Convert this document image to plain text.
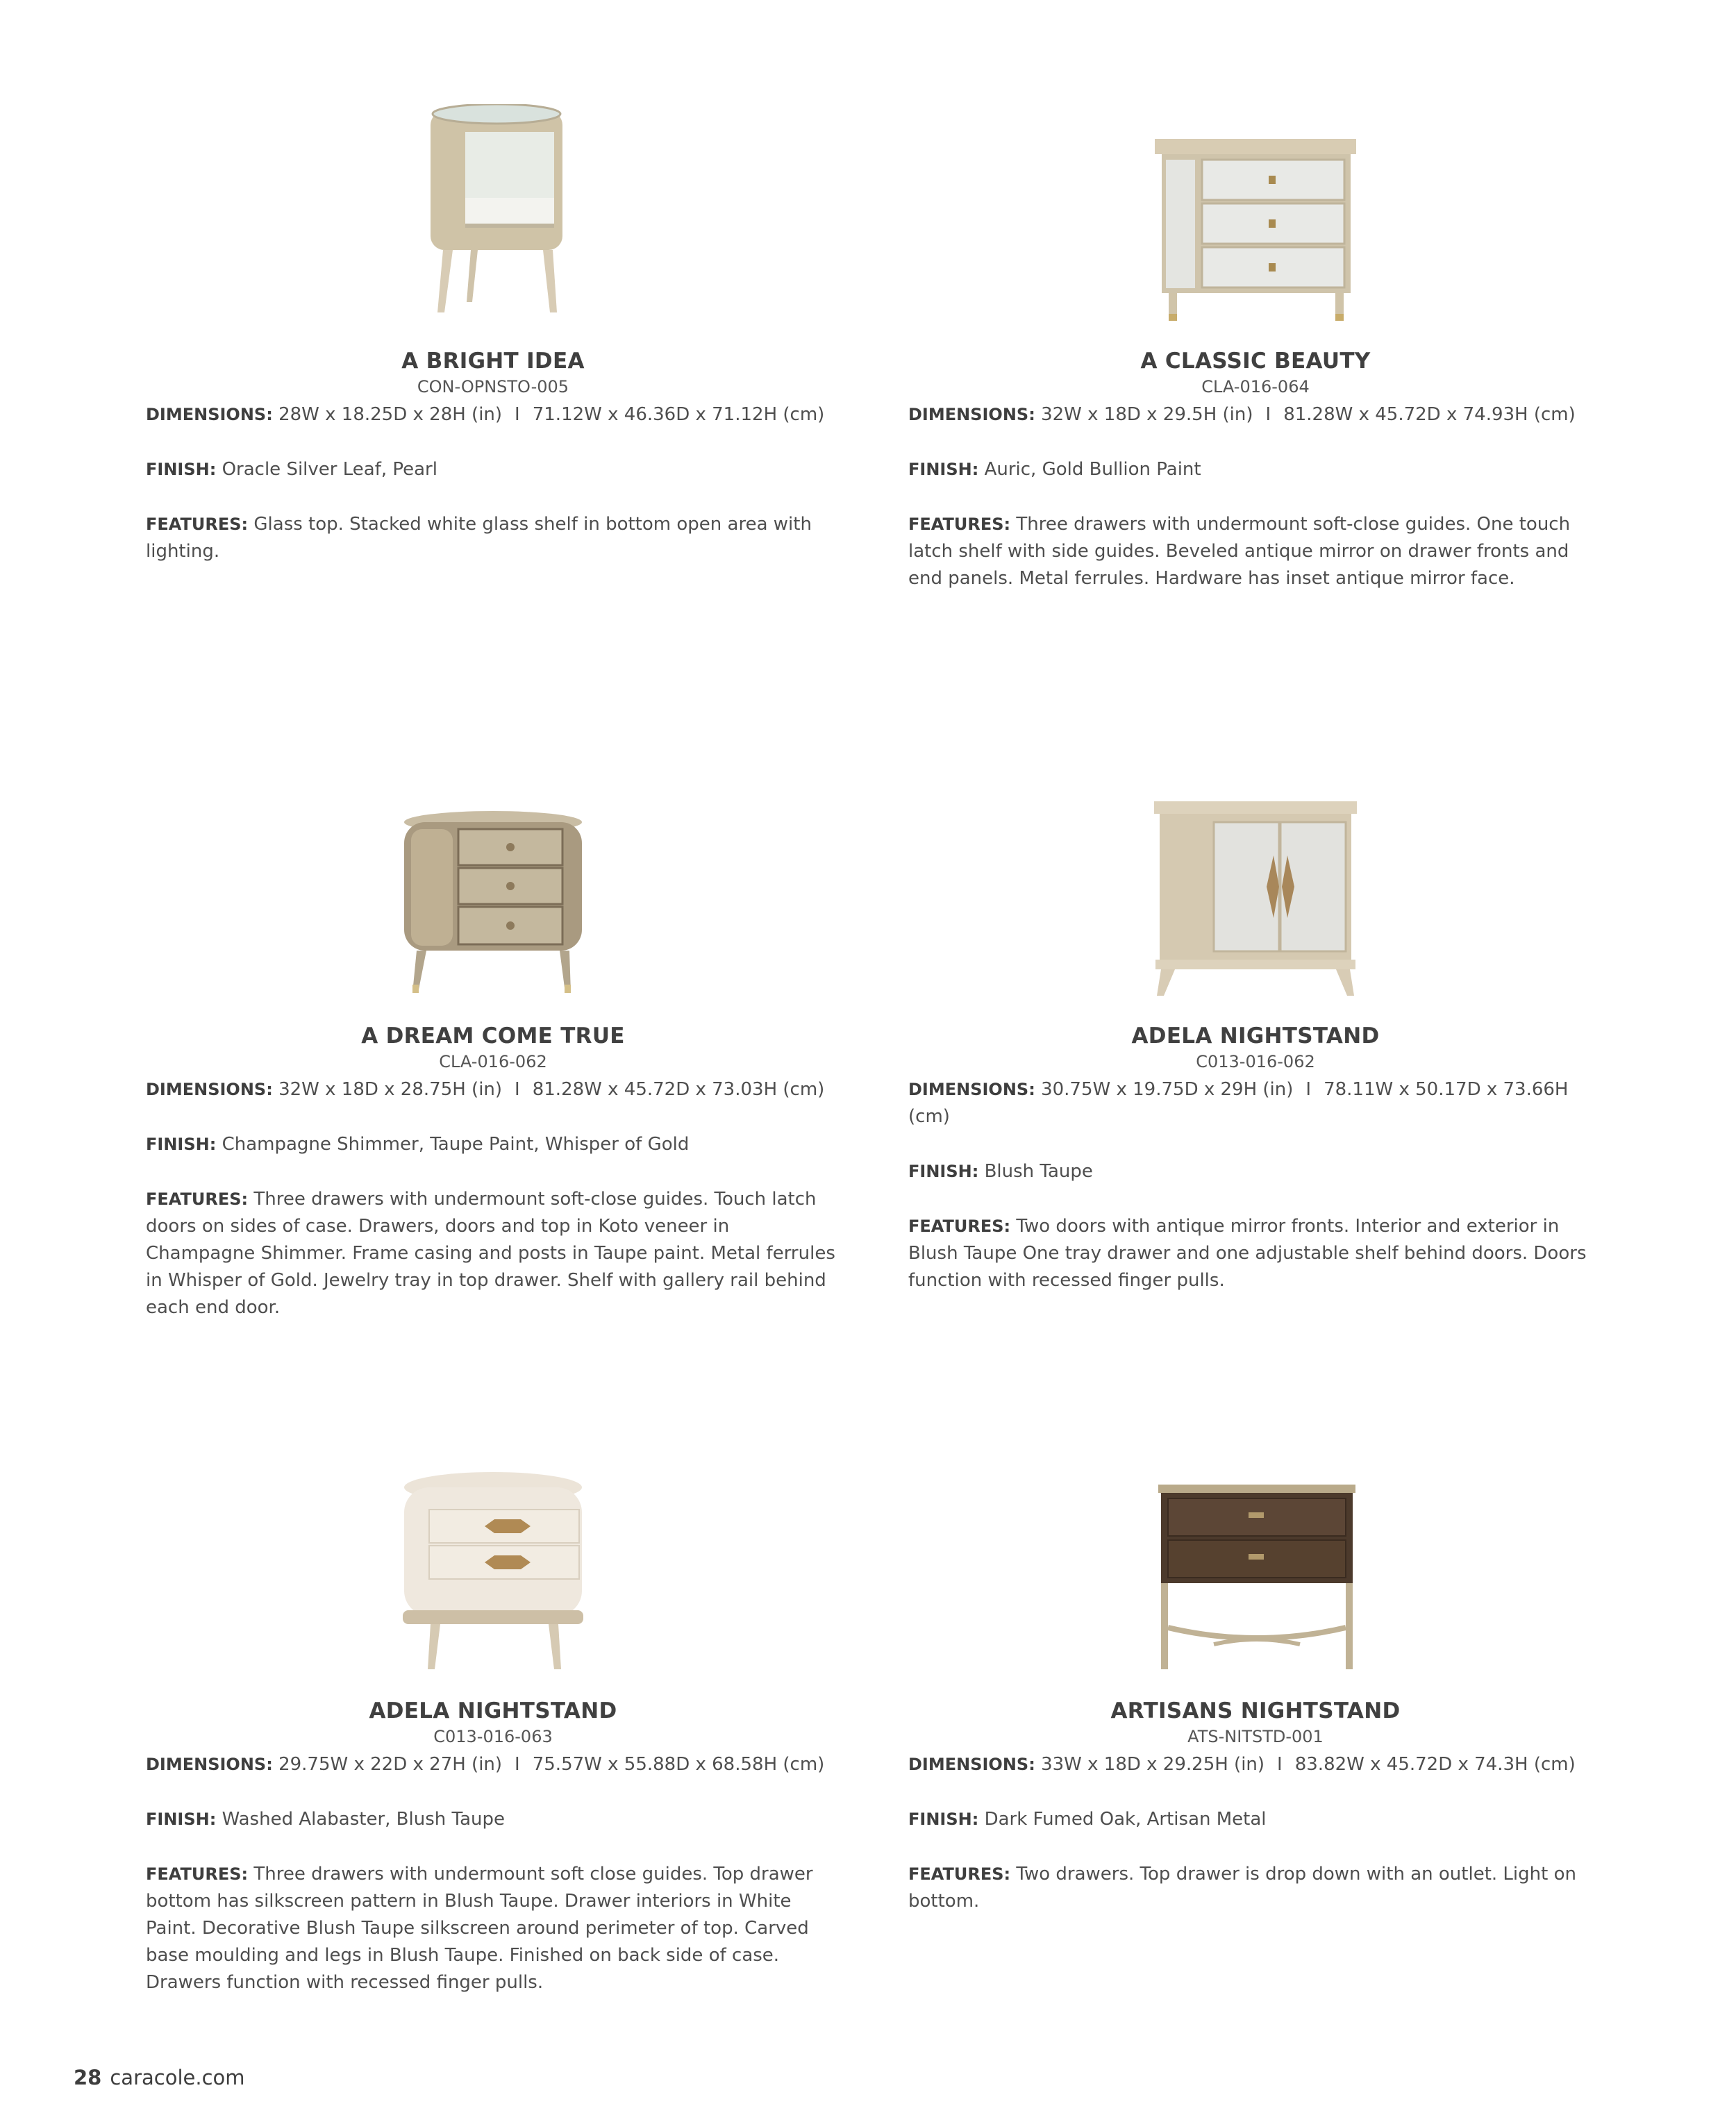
A BRIGHT IDEA
CON-OPNSTO-005

DIMENSIONS: 28W x 18.25D x 28H (in) I 71.12W x 46.36D x 71.12H (cm)

FINISH: Oracle Silver Leaf, Pearl

FEATURES: Glass top. Stacked white glass shelf in bottom open area with lighting.

A CLASSIC BEAUTY
CLA-016-064

DIMENSIONS: 32W x 18D x 29.5H (in) I 81.28W x 45.72D x 74.93H (cm)

FINISH: Auric, Gold Bullion Paint

FEATURES: Three drawers with undermount soft-close guides. One touch latch shelf with side guides. Beveled antique mirror on drawer fronts and end panels. Metal ferrules. Hardware has inset antique mirror face.

A DREAM COME TRUE
CLA-016-062

DIMENSIONS: 32W x 18D x 28.75H (in) I 81.28W x 45.72D x 73.03H (cm)

FINISH: Champagne Shimmer, Taupe Paint, Whisper of Gold

FEATURES: Three drawers with undermount soft-close guides. Touch latch doors on sides of case. Drawers, doors and top in Koto veneer in Champagne Shimmer. Frame casing and posts in Taupe paint. Metal ferrules in Whisper of Gold. Jewelry tray in top drawer. Shelf with gallery rail behind each end door.

ADELA NIGHTSTAND
C013-016-062

DIMENSIONS: 30.75W x 19.75D x 29H (in) I 78.11W x 50.17D x 73.66H (cm)

FINISH: Blush Taupe

FEATURES: Two doors with antique mirror fronts. Interior and exterior in Blush Taupe One tray drawer and one adjustable shelf behind doors. Doors function with recessed finger pulls.

ADELA NIGHTSTAND
C013-016-063

DIMENSIONS: 29.75W x 22D x 27H (in) I 75.57W x 55.88D x 68.58H (cm)

FINISH: Washed Alabaster, Blush Taupe

FEATURES: Three drawers with undermount soft close guides. Top drawer bottom has silkscreen pattern in Blush Taupe. Drawer interiors in White Paint. Decorative Blush Taupe silkscreen around perimeter of top. Carved base moulding and legs in Blush Taupe. Finished on back side of case. Drawers function with recessed finger pulls.

ARTISANS NIGHTSTAND
ATS-NITSTD-001

DIMENSIONS: 33W x 18D x 29.25H (in) I 83.82W x 45.72D x 74.3H (cm)

FINISH: Dark Fumed Oak, Artisan Metal

FEATURES: Two drawers. Top drawer is drop down with an outlet. Light on bottom.

28 caracole.com
